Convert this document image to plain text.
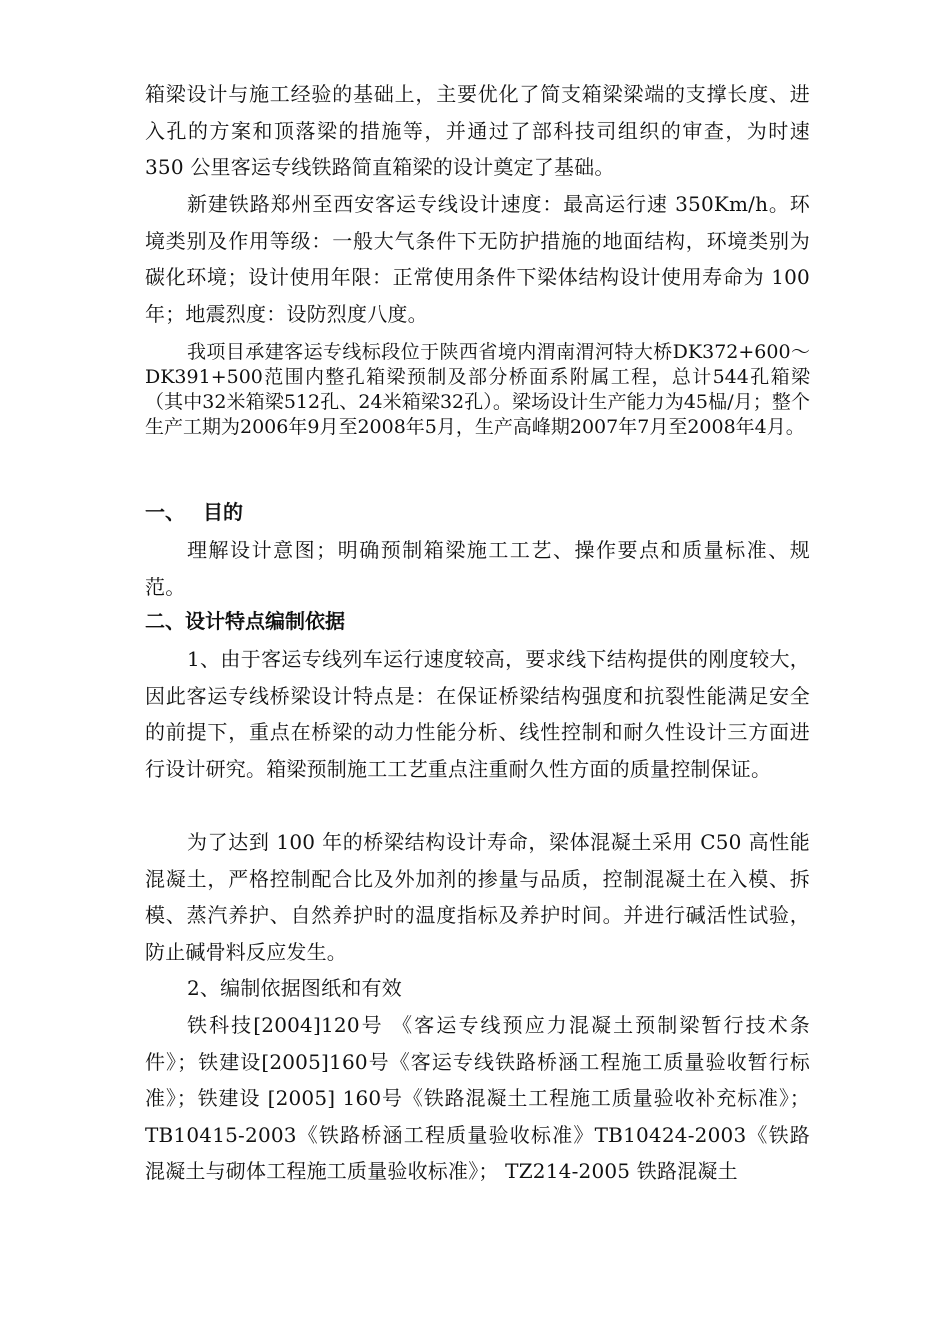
箱梁设计与施工经验的基础上，主要优化了简支箱梁梁端的支撑长度、进入孔的方案和顶落梁的措施等，并通过了部科技司组织的审查，为时速 350 公里客运专线铁路简直箱梁的设计奠定了基础。

新建铁路郑州至西安客运专线设计速度：最高运行速 350Km/h。环境类别及作用等级：一般大气条件下无防护措施的地面结构，环境类别为碳化环境；设计使用年限：正常使用条件下梁体结构设计使用寿命为 100 年；地震烈度：设防烈度八度。

我项目承建客运专线标段位于陕西省境内渭南渭河特大桥DK372+600～DK391+500范围内整孔箱梁预制及部分桥面系附属工程，总计544孔箱梁（其中32米箱梁512孔、24米箱梁32孔）。梁场设计生产能力为45榀/月；整个生产工期为2006年9月至2008年5月，生产高峰期2007年7月至2008年4月。

一、 目的

理解设计意图；明确预制箱梁施工工艺、操作要点和质量标准、规范。

二、设计特点编制依据

1、由于客运专线列车运行速度较高，要求线下结构提供的刚度较大，因此客运专线桥梁设计特点是：在保证桥梁结构强度和抗裂性能满足安全的前提下，重点在桥梁的动力性能分析、线性控制和耐久性设计三方面进行设计研究。箱梁预制施工工艺重点注重耐久性方面的质量控制保证。

为了达到 100 年的桥梁结构设计寿命，梁体混凝土采用 C50 高性能混凝土，严格控制配合比及外加剂的掺量与品质，控制混凝土在入模、拆模、蒸汽养护、自然养护时的温度指标及养护时间。并进行碱活性试验，防止碱骨料反应发生。

2、编制依据图纸和有效

铁科技[2004]120号 《客运专线预应力混凝土预制梁暂行技术条件》；铁建设[2005]160号《客运专线铁路桥涵工程施工质量验收暂行标准》；铁建设 [2005] 160号《铁路混凝土工程施工质量验收补充标准》；TB10415-2003《铁路桥涵工程质量验收标准》TB10424-2003《铁路混凝土与砌体工程施工质量验收标准》； TZ214-2005 铁路混凝土
